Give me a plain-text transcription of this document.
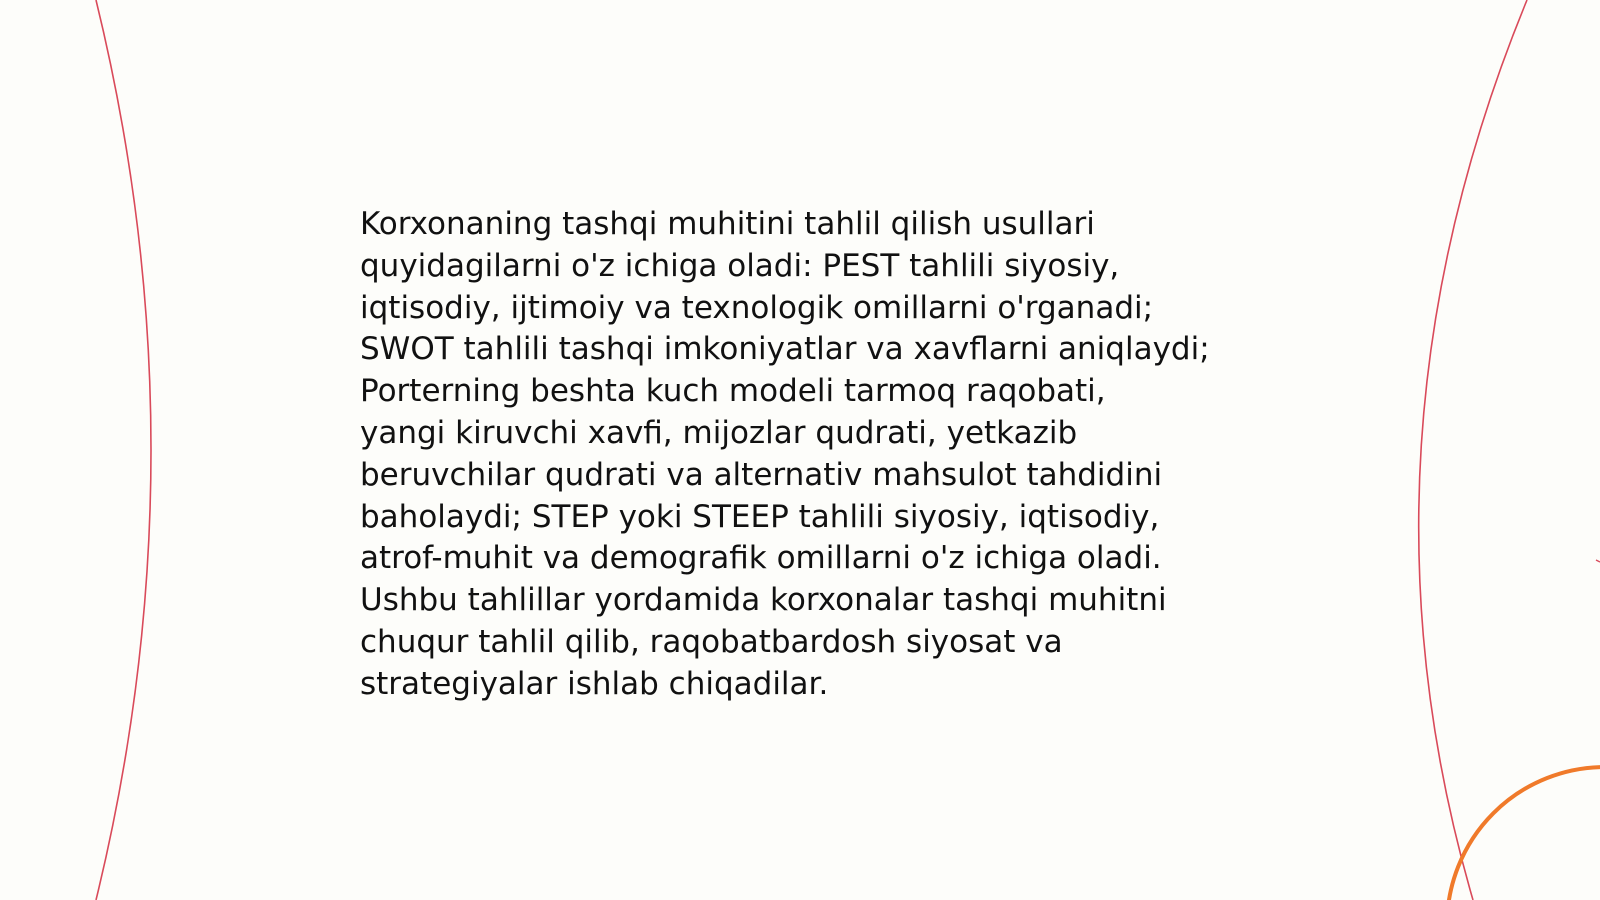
Korxonaning tashqi muhitini tahlil qilish usullari
quyidagilarni o'z ichiga oladi: PEST tahlili siyosiy,
iqtisodiy, ijtimoiy va texnologik omillarni o'rganadi;
SWOT tahlili tashqi imkoniyatlar va xavflarni aniqlaydi;
Porterning beshta kuch modeli tarmoq raqobati,
yangi kiruvchi xavfi, mijozlar qudrati, yetkazib
beruvchilar qudrati va alternativ mahsulot tahdidini
baholaydi; STEP yoki STEEP tahlili siyosiy, iqtisodiy,
atrof-muhit va demografik omillarni o'z ichiga oladi.
Ushbu tahlillar yordamida korxonalar tashqi muhitni
chuqur tahlil qilib, raqobatbardosh siyosat va
strategiyalar ishlab chiqadilar.
